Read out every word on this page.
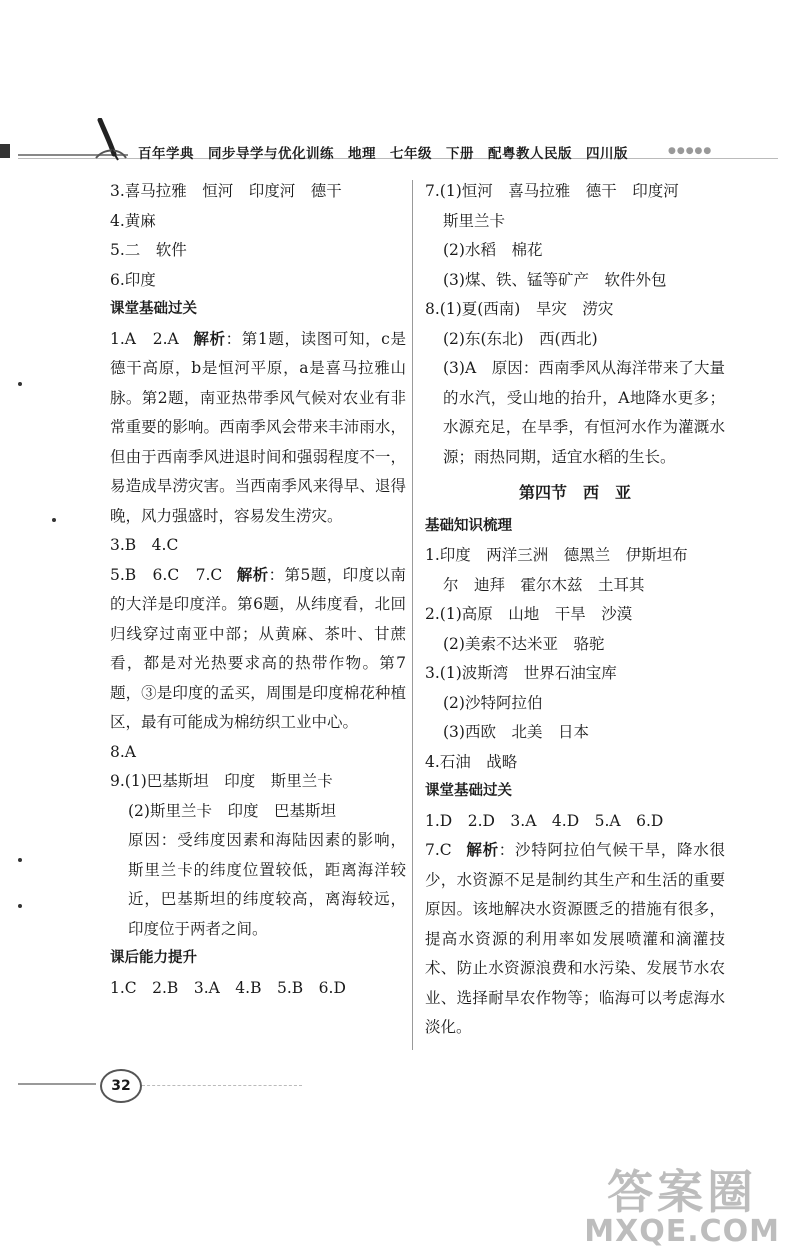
百年学典　同步导学与优化训练　地理　七年级　下册　配粤教人民版　四川版	●●●●●
3.喜马拉雅　恒河　印度河　德干
4.黄麻
5.二　软件
6.印度
课堂基础过关
1.A　2.A 解析：第1题，读图可知，c是德干高原，b是恒河平原，a是喜马拉雅山脉。第2题，南亚热带季风气候对农业有非常重要的影响。西南季风会带来丰沛雨水，但由于西南季风进退时间和强弱程度不一，易造成旱涝灾害。当西南季风来得早、退得晚，风力强盛时，容易发生涝灾。
3.B　4.C
5.B　6.C　7.C 解析：第5题，印度以南的大洋是印度洋。第6题，从纬度看，北回归线穿过南亚中部；从黄麻、茶叶、甘蔗看，都是对光热要求高的热带作物。第7题，③是印度的孟买，周围是印度棉花种植区，最有可能成为棉纺织工业中心。
8.A
9.(1)巴基斯坦　印度　斯里兰卡
(2)斯里兰卡　印度　巴基斯坦
原因：受纬度因素和海陆因素的影响，斯里兰卡的纬度位置较低，距离海洋较近，巴基斯坦的纬度较高，离海较远，印度位于两者之间。
课后能力提升
1.C　2.B　3.A　4.B　5.B　6.D
7.(1)恒河　喜马拉雅　德干　印度河
斯里兰卡
(2)水稻　棉花
(3)煤、铁、锰等矿产　软件外包
8.(1)夏(西南)　旱灾　涝灾
(2)东(东北)　西(西北)
(3)A　原因：西南季风从海洋带来了大量的水汽，受山地的抬升，A地降水更多；水源充足，在旱季，有恒河水作为灌溉水源；雨热同期，适宜水稻的生长。
第四节　西　亚
基础知识梳理
1.印度　两洋三洲　德黑兰　伊斯坦布
尔　迪拜　霍尔木兹　土耳其
2.(1)高原　山地　干旱　沙漠
(2)美索不达米亚　骆驼
3.(1)波斯湾　世界石油宝库
(2)沙特阿拉伯
(3)西欧　北美　日本
4.石油　战略
课堂基础过关
1.D　2.D　3.A　4.D　5.A　6.D
7.C 解析：沙特阿拉伯气候干旱，降水很少，水资源不足是制约其生产和生活的重要原因。该地解决水资源匮乏的措施有很多，提高水资源的利用率如发展喷灌和滴灌技术、防止水资源浪费和水污染、发展节水农业、选择耐旱农作物等；临海可以考虑海水淡化。
32
答案圈
MXQE.COM
